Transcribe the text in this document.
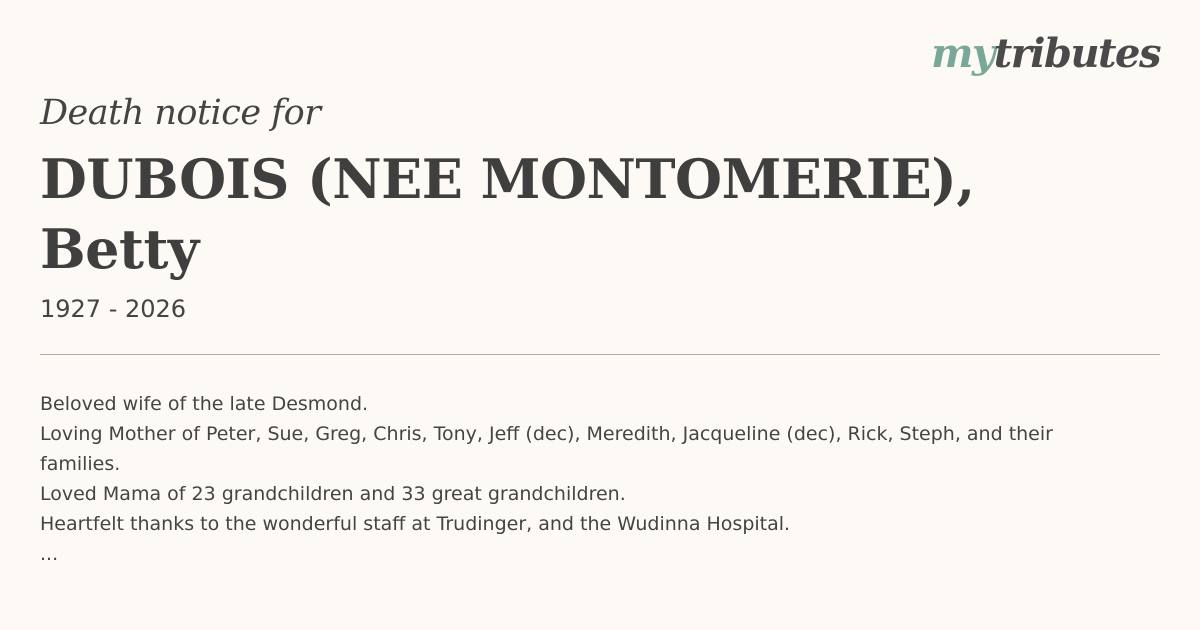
mytributes

Death notice for

DUBOIS (NEE MONTOMERIE),
Betty
1927 - 2026
Beloved wife of the late Desmond.
Loving Mother of Peter, Sue, Greg, Chris, Tony, Jeff (dec), Meredith, Jacqueline (dec), Rick, Steph, and their families.
Loved Mama of 23 grandchildren and 33 great grandchildren.
Heartfelt thanks to the wonderful staff at Trudinger, and the Wudinna Hospital.
...
